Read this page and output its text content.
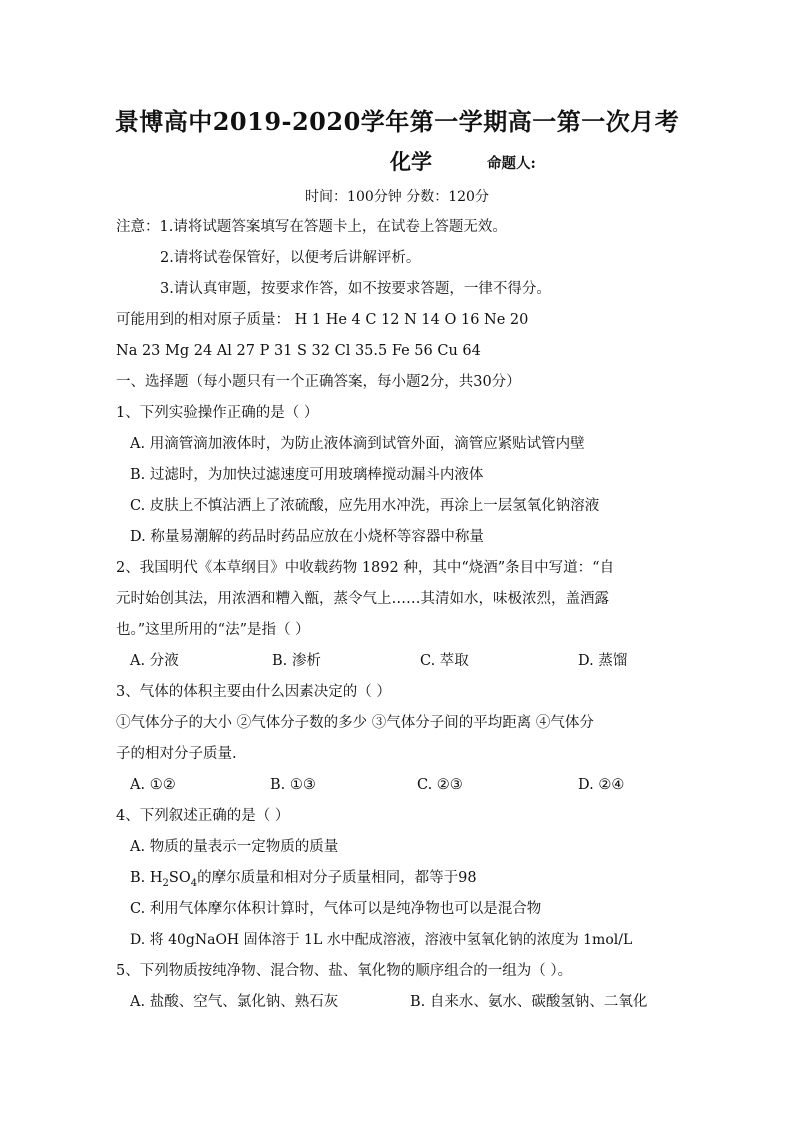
景博高中2019-2020学年第一学期高一第一次月考
化学	命题人:
时间：100分钟 分数：120分
注意：1.请将试题答案填写在答题卡上，在试卷上答题无效。
2.请将试卷保管好，以便考后讲解评析。
3.请认真审题，按要求作答，如不按要求答题，一律不得分。
可能用到的相对原子质量： H 1 He 4 C 12 N 14 O 16 Ne 20
Na 23 Mg 24 Al 27 P 31 S 32 Cl 35.5 Fe 56 Cu 64
一、选择题（每小题只有一个正确答案，每小题2分，共30分）
1、下列实验操作正确的是（ ）
A. 用滴管滴加液体时，为防止液体滴到试管外面，滴管应紧贴试管内壁
B. 过滤时，为加快过滤速度可用玻璃棒搅动漏斗内液体
C. 皮肤上不慎沾洒上了浓硫酸，应先用水冲洗，再涂上一层氢氧化钠溶液
D. 称量易潮解的药品时药品应放在小烧杯等容器中称量
2、我国明代《本草纲目》中收载药物 1892 种，其中“烧酒”条目中写道：“自
元时始创其法，用浓酒和糟入甑，蒸令气上……其清如水，味极浓烈，盖酒露
也。”这里所用的“法”是指（ ）
A. 分液	B. 渗析	C. 萃取	D. 蒸馏
3、气体的体积主要由什么因素决定的（ ）
①气体分子的大小 ②气体分子数的多少 ③气体分子间的平均距离 ④气体分
子的相对分子质量.
A. ①②	B. ①③	C. ②③	D. ②④
4、下列叙述正确的是（ ）
A. 物质的量表示一定物质的质量
B. $H_2SO_4$的摩尔质量和相对分子质量相同，都等于98
C. 利用气体摩尔体积计算时，气体可以是纯净物也可以是混合物
D. 将 40gNaOH 固体溶于 1L 水中配成溶液，溶液中氢氧化钠的浓度为 1mol/L
5、下列物质按纯净物、混合物、盐、氧化物的顺序组合的一组为（ ）。
A. 盐酸、空气、氯化钠、熟石灰	B. 自来水、氨水、碳酸氢钠、二氧化
